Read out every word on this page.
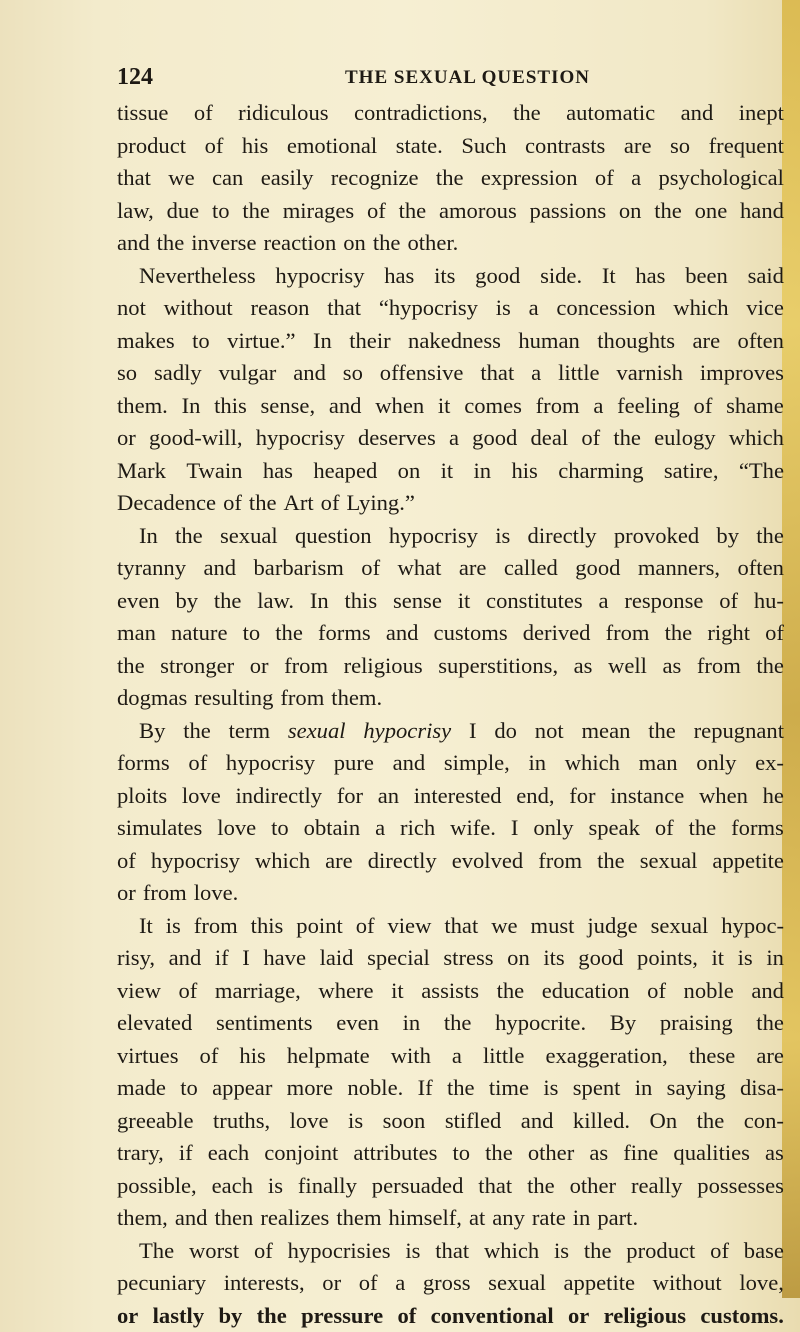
124	THE SEXUAL QUESTION
tissue of ridiculous contradictions, the automatic and inept
product of his emotional state. Such contrasts are so frequent
that we can easily recognize the expression of a psychological
law, due to the mirages of the amorous passions on the one hand
and the inverse reaction on the other.
Nevertheless hypocrisy has its good side. It has been said
not without reason that “hypocrisy is a concession which vice
makes to virtue.” In their nakedness human thoughts are often
so sadly vulgar and so offensive that a little varnish improves
them. In this sense, and when it comes from a feeling of shame
or good-will, hypocrisy deserves a good deal of the eulogy which
Mark Twain has heaped on it in his charming satire, “The
Decadence of the Art of Lying.”
In the sexual question hypocrisy is directly provoked by the
tyranny and barbarism of what are called good manners, often
even by the law. In this sense it constitutes a response of hu-
man nature to the forms and customs derived from the right of
the stronger or from religious superstitions, as well as from the
dogmas resulting from them.
By the term sexual hypocrisy I do not mean the repugnant
forms of hypocrisy pure and simple, in which man only ex-
ploits love indirectly for an interested end, for instance when he
simulates love to obtain a rich wife. I only speak of the forms
of hypocrisy which are directly evolved from the sexual appetite
or from love.
It is from this point of view that we must judge sexual hypoc-
risy, and if I have laid special stress on its good points, it is in
view of marriage, where it assists the education of noble and
elevated sentiments even in the hypocrite. By praising the
virtues of his helpmate with a little exaggeration, these are
made to appear more noble. If the time is spent in saying disa-
greeable truths, love is soon stifled and killed. On the con-
trary, if each conjoint attributes to the other as fine qualities as
possible, each is finally persuaded that the other really possesses
them, and then realizes them himself, at any rate in part.
The worst of hypocrisies is that which is the product of base
pecuniary interests, or of a gross sexual appetite without love,
or lastly by the pressure of conventional or religious customs.
